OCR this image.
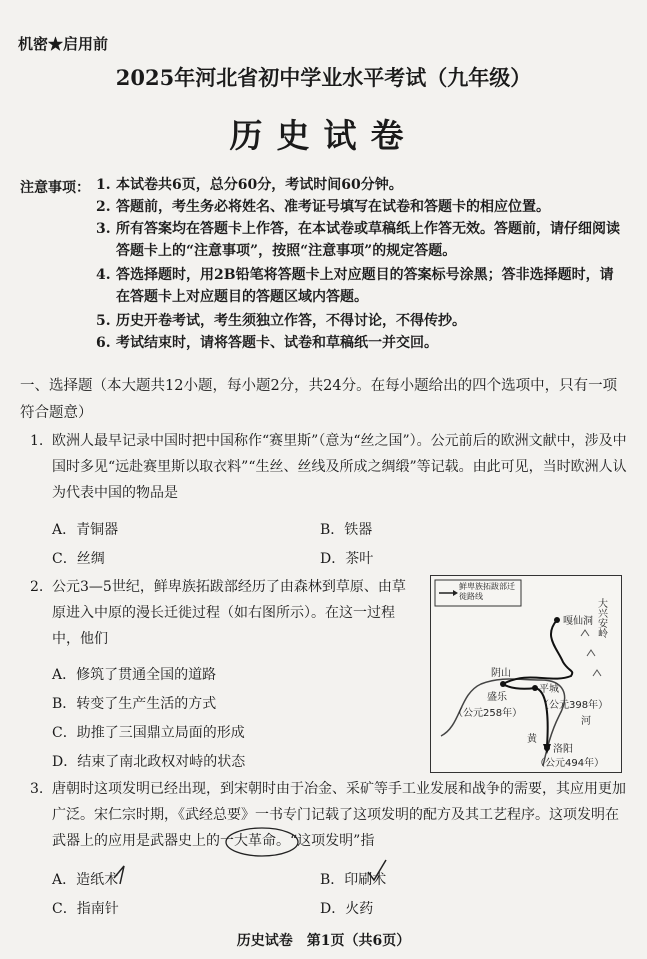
机密★启用前
2025年河北省初中学业水平考试（九年级）
历史试卷
注意事项： 1. 本试卷共6页，总分60分，考试时间60分钟。
2. 答题前，考生务必将姓名、准考证号填写在试卷和答题卡的相应位置。
3. 所有答案均在答题卡上作答，在本试卷或草稿纸上作答无效。答题前，请仔细阅读答题卡上的“注意事项”，按照“注意事项”的规定答题。
4. 答选择题时，用2B铅笔将答题卡上对应题目的答案标号涂黑；答非选择题时，请在答题卡上对应题目的答题区域内答题。
5. 历史开卷考试，考生须独立作答，不得讨论，不得传抄。
6. 考试结束时，请将答题卡、试卷和草稿纸一并交回。
一、选择题（本大题共12小题，每小题2分，共24分。在每小题给出的四个选项中，只有一项符合题意）
1. 欧洲人最早记录中国时把中国称作“赛里斯”（意为“丝之国”）。公元前后的欧洲文献中，涉及中国时多见“远赴赛里斯以取衣料”“生丝、丝线及所成之绸缎”等记载。由此可见，当时欧洲人认为代表中国的物品是
A．青铜器	B．铁器
C．丝绸	D．茶叶
2. 公元3—5世纪，鲜卑族拓跋部经历了由森林到草原、由草原进入中原的漫长迁徙过程（如右图所示）。在这一过程中，他们
A．修筑了贯通全国的道路
B．转变了生产生活的方式
C．助推了三国鼎立局面的形成
D．结束了南北政权对峙的状态
鲜卑族拓跋部迁徙路线
嘎仙洞 大兴安岭
阴山
盛乐
（公元258年）
平城
（公元398年）
河
黄
洛阳
（公元494年）
3. 唐朝时这项发明已经出现，到宋朝时由于冶金、采矿等手工业发展和战争的需要，其应用更加广泛。宋仁宗时期，《武经总要》一书专门记载了这项发明的配方及其工艺程序。这项发明在武器上的应用是武器史上的一大革命。“这项发明”指
A．造纸术	B．印刷术
C．指南针	D．火药
历史试卷　第1页（共6页）
